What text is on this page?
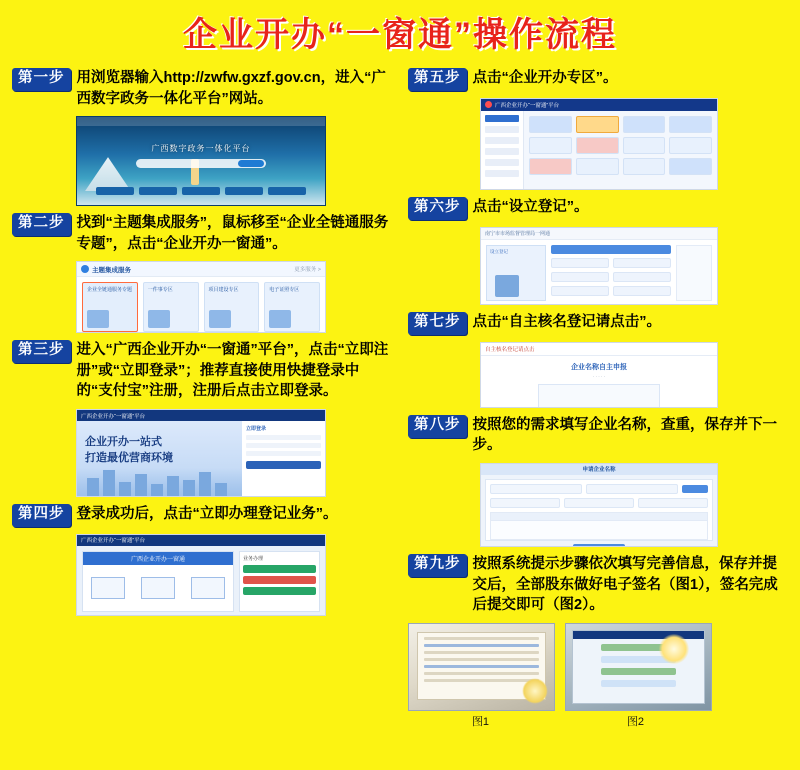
企业开办“一窗通”操作流程
第一步 用浏览器输入http://zwfw.gxzf.gov.cn，进入“广西数字政务一体化平台”网站。
广西数字政务一体化平台
第二步 找到“主题集成服务”，鼠标移至“企业全链通服务专题”，点击“企业开办一窗通”。
主题集成服务	更多服务 >
企业全链通服务专题	一件事专区	项目建设专区	电子证照专区
第三步 进入“广西企业开办“一窗通”平台”，点击“立即注册”或“立即登录”；推荐直接使用快捷登录中的“支付宝”注册，注册后点击立即登录。
广西企业开办“一窗通”平台
企业开办一站式
打造最优营商环境
立即登录
第四步 登录成功后，点击“立即办理登记业务”。
广西企业开办“一窗通”平台
广西企业开办一窗通	业务办理
第五步 点击“企业开办专区”。
广西企业开办“一窗通”平台
第六步 点击“设立登记”。
南宁市市场监督管理局一网通
设立登记
第七步 点击“自主核名登记请点击”。
自主核名登记请点击
企业名称自主申报
· · · · ·
第八步 按照您的需求填写企业名称，查重，保存并下一步。
申请企业名称
第九步 按照系统提示步骤依次填写完善信息，保存并提交后，全部股东做好电子签名（图1），签名完成后提交即可（图2）。
图1	图2
